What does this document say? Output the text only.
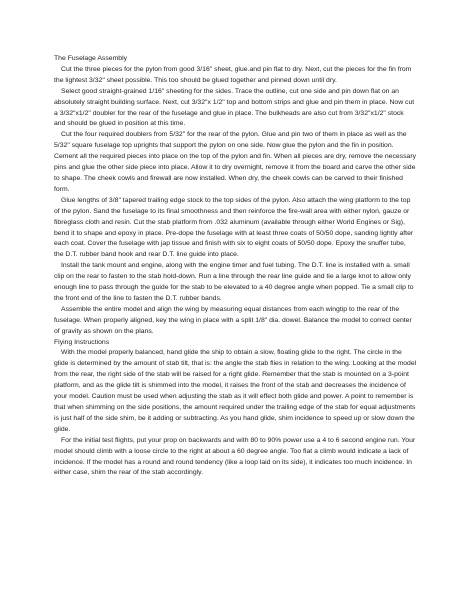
The Fuselage Assembly

Cut the three pieces for the pylon from good 3/16" sheet, glue.and pin flat to dry. Next, cut the pieces for the fin from the lightest 3/32" sheet possible. This too should be glued together and pinned down until dry.

Select good straight-grained 1/16" sheeting for the sides. Trace the outline, cut one side and pin down flat on an absolutely straight building surface. Next, cut 3/32"x 1/2" top and bottom strips and glue and pin them in place. Now cut a 3/32"x1/2" doubler for the rear of the fuselage and glue in place. The bulkheads are also cut from 3/32"x1/2" stock and should be glued in position at this time.

Cut the four required doublers from 5/32" for the rear of the pylon. Glue and pin two of them in place as well as the 5/32" square fuselage top uprights that support the pylon on one side. Now glue the pylon and the fin in position. Cement all the required pieces into place on the top of the pylon and fin. When all pieces are dry, remove the necessary pins and glue the other side piece into place. Allow it to dry overnight, remove it from the board and carve the other side to shape. The cheek cowls and firewall are now installed. When dry, the cheek cowls can be carved to their finished form.

Glue lengths of 3/8" tapered trailing edge stock to the top sides of the pylon. Also attach the wing platform to the top of the pylon. Sand the fuselage to its final smoothness and then reinforce the fire-wall area with either nylon, gauze or fibreglass cloth and resin. Cut the stab platform from .032 aluminum (available through either World Engines or Sig), bend it to shape and epoxy in place. Pre-dope the fuselage with at least three coats of 50/50 dope, sanding lightly after each coat. Cover the fuselage with jap tissue and finish with six to eight coats of 50/50 dope. Epoxy the snuffer tube, the D.T. rubber band hook and rear D.T. line guide into place.

Install the tank mount and engine, along with the engine timer and fuel tubing. The D.T. line is installed with a. small clip on the rear to fasten to the stab hold-down. Run a line through the rear line guide and tie a large knot to allow only enough line to pass through the guide for the stab to be elevated to a 40 degree angle when popped. Tie a small clip to the front end of the line to fasten the D.T. rubber bands.

Assemble the entire model and align the wing by measuring equal distances from each wingtip to the rear of the fuselage. When properly aligned, key the wing in place with a split 1/8" dia. dowel. Balance the model to correct center of gravity as shown on the plans.

Flying Instructions

With the model properly balanced, hand glide the ship to obtain a slow, floating glide to the right. The circle in the glide is determined by the amount of stab tilt, that is: the angle the stab flies in relation to the wing. Looking at the model from the rear, the right side of the stab will be raised for a right glide. Remember that the stab is mounted on a 3-point platform, and as the glide tilt is shimmed into the model, it raises the front of the stab and decreases the incidence of your model. Caution must be used when adjusting the stab as it will effect both glide and power. A point to remember is that when shimming on the side positions, the amount required under the trailing edge of the stab for equal adjustments is just half of the side shim, be it adding or subtracting. As you hand glide, shim incidence to speed up or slow down the glide.

For the initial test flights, put your prop on backwards and with 80 to 90% power use a 4 to 6 second engine run. Your model should climb with a loose circle to the right at about a 60 degree angle. Too flat a climb would indicate a lack of incidence. If the model has a round and round tendency (like a loop laid on its side), it indicates too much incidence. In either case, shim the rear of the stab accordingly.
